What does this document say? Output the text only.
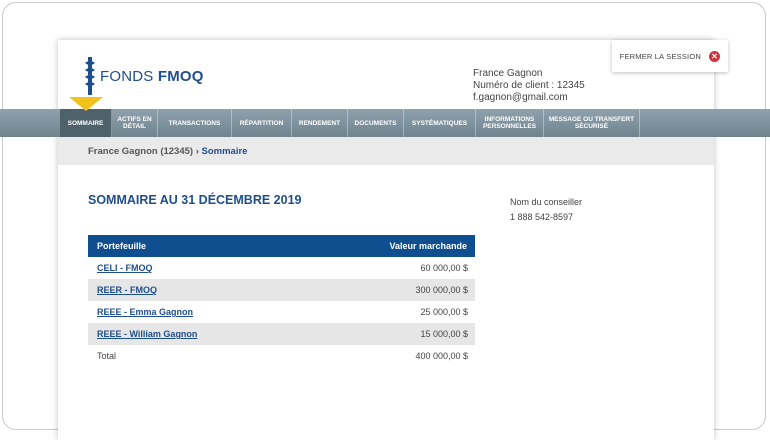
FONDS FMOQ	France Gagnon
Numéro de client : 12345
f.gagnon@gmail.com
FERMER LA SESSION ✕
SOMMAIRE	ACTIFS EN DÉTAIL	TRANSACTIONS	RÉPARTITION	RENDEMENT	DOCUMENTS	SYSTÉMATIQUES	INFORMATIONS PERSONNELLES
MESSAGE OU TRANSFERT SÉCURISÉ
France Gagnon (12345) › Sommaire
SOMMAIRE AU 31 DÉCEMBRE 2019	Nom du conseiller
1 888 542-8597
Portefeuille	Valeur marchande
CELI - FMOQ	60 000,00 $
REER - FMOQ	300 000,00 $
REEE - Emma Gagnon	25 000,00 $
REEE - William Gagnon	15 000,00 $
Total	400 000,00 $
